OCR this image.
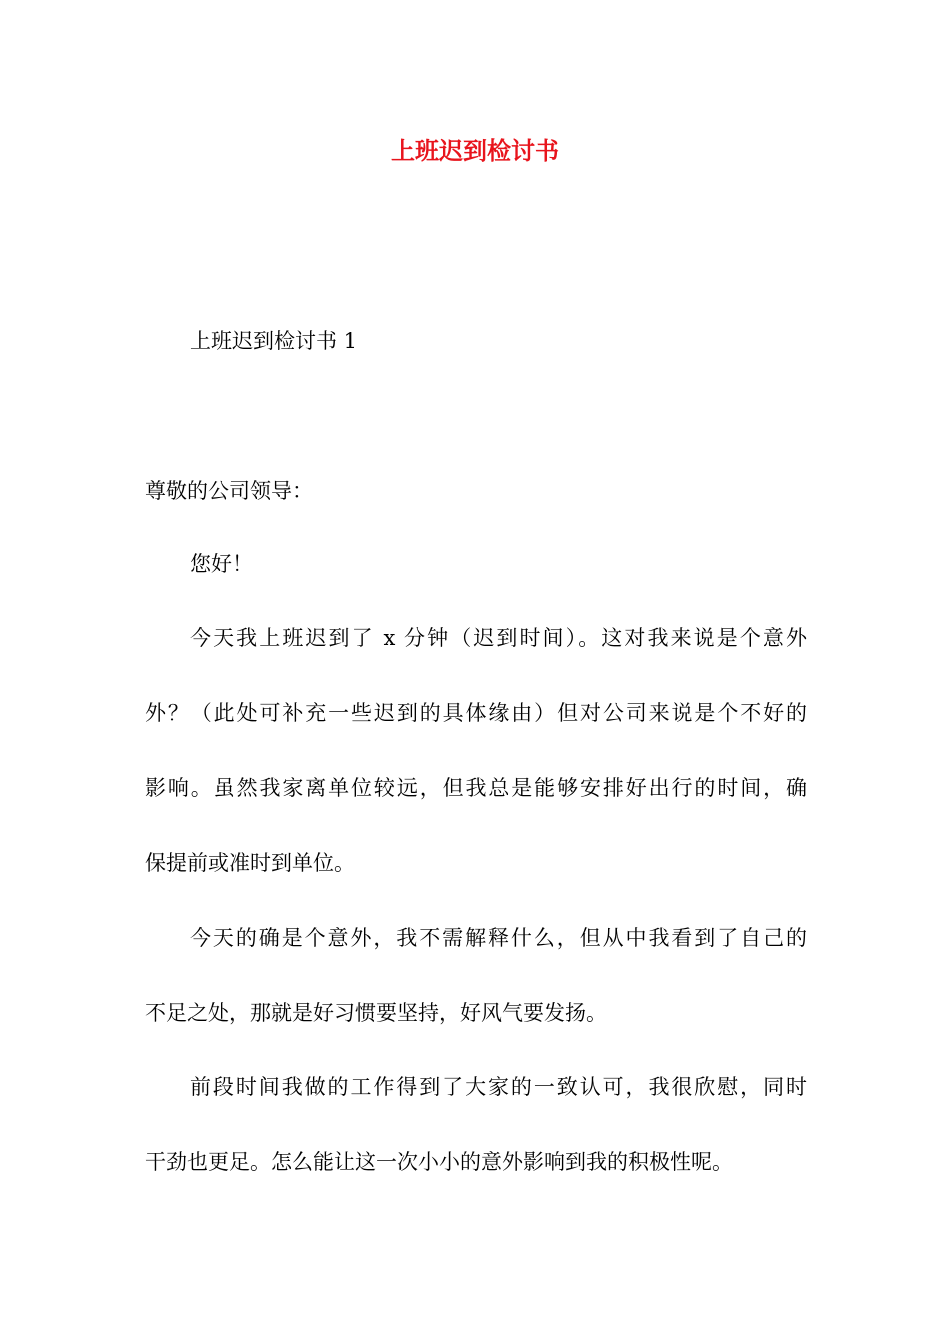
上班迟到检讨书

上班迟到检讨书 1

尊敬的公司领导：

您好！

今天我上班迟到了 x 分钟（迟到时间）。这对我来说是个意外
外？（此处可补充一些迟到的具体缘由）但对公司来说是个不好的
影响。虽然我家离单位较远，但我总是能够安排好出行的时间，确
保提前或准时到单位。
今天的确是个意外，我不需解释什么，但从中我看到了自己的
不足之处，那就是好习惯要坚持，好风气要发扬。
前段时间我做的工作得到了大家的一致认可，我很欣慰，同时
干劲也更足。怎么能让这一次小小的意外影响到我的积极性呢。
